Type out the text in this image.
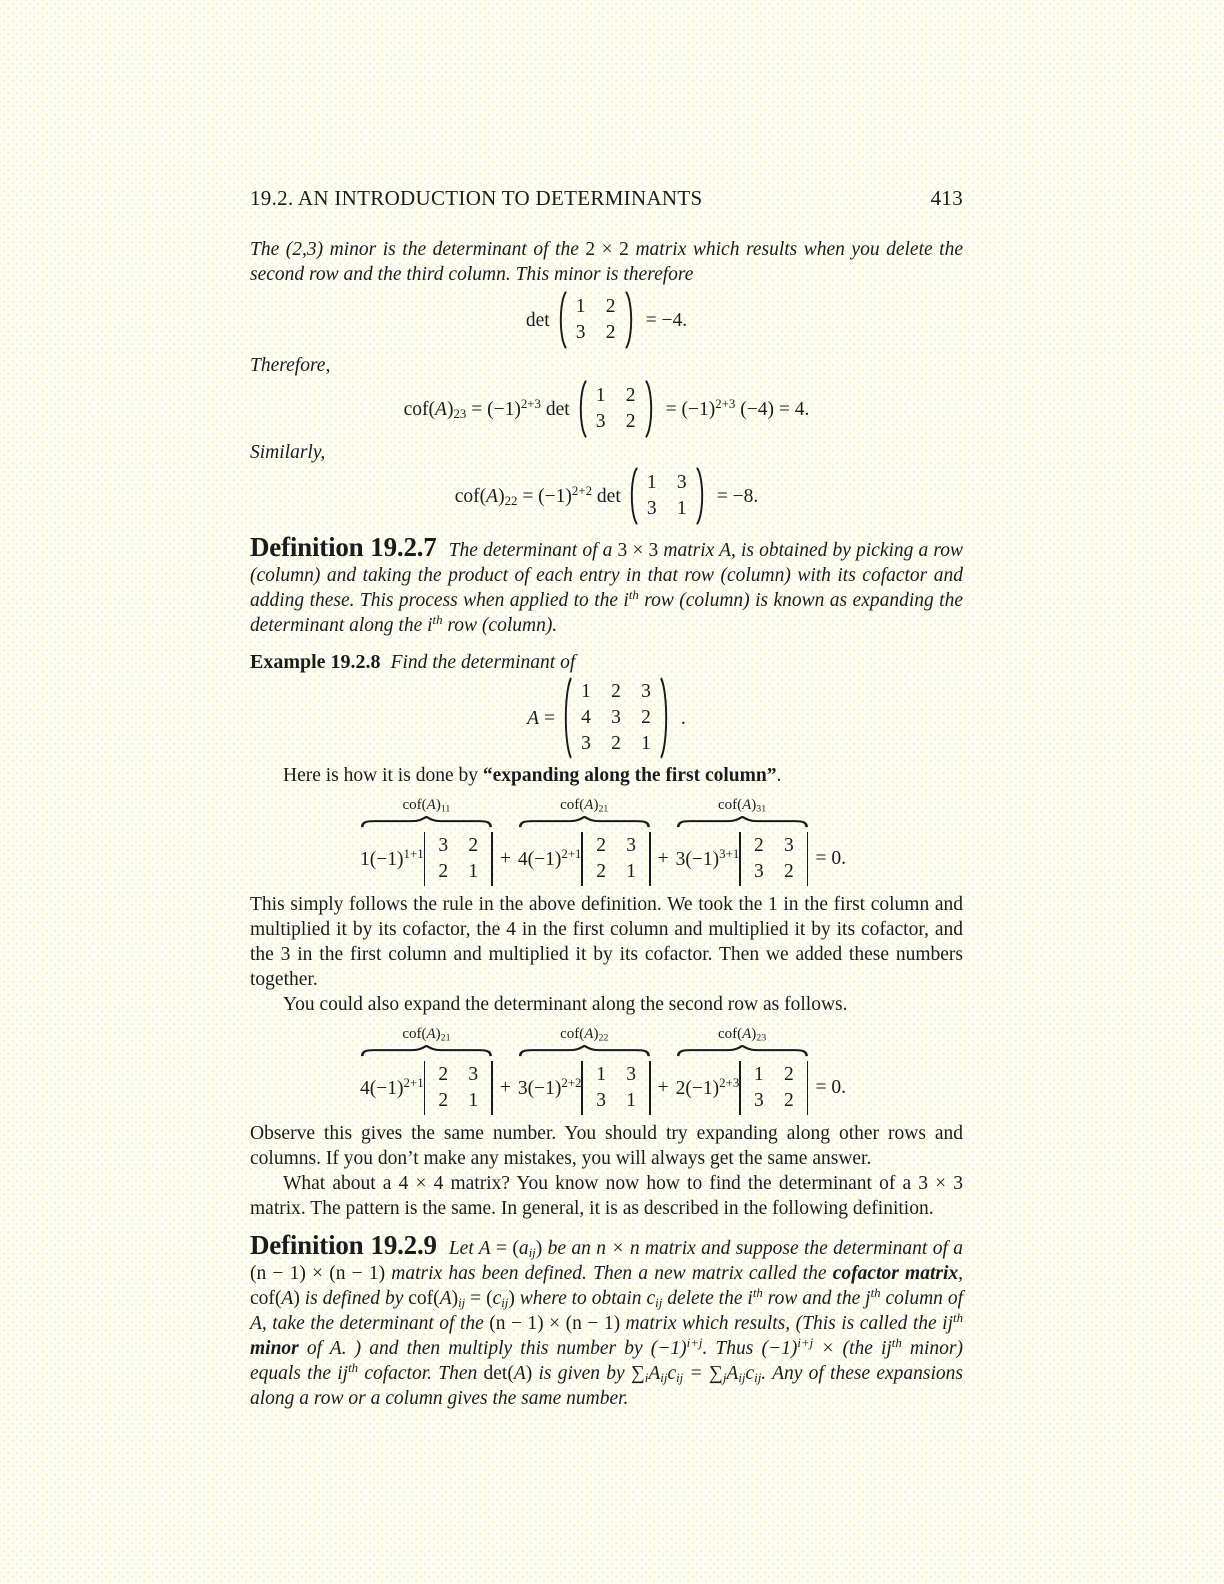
19.2. AN INTRODUCTION TO DETERMINANTS	413

The (2,3) minor is the determinant of the 2 × 2 matrix which results when you delete the second row and the third column. This minor is therefore

det
1 2
3 2
= −4.

Therefore,

$cof(A)23 = (-1)^{2+3}$ det
1 2
3 2
= $(-1)^{2+3}$ (−4) = 4.

Similarly,

$cof(A)22 = (-1)^{2+2}$ det
1 3
3 1
= −8.

Definition 19.2.7 The determinant of a 3 × 3 matrix A, is obtained by picking a row (column) and taking the product of each entry in that row (column) with its cofactor and adding these. This process when applied to the $i^{th}$ row (column) is known as expanding the determinant along the $i^{th}$ row (column).

Example 19.2.8 Find the determinant of

A =
1 2 3
4 3 2
3 2 1
.

Here is how it is done by “expanding along the first column”.

cof(A)11
$1(-1)^{1+1}$ 3 2
2 1
+
cof(A)21
$4(-1)^{2+1}$ 2 3
2 1
+
cof(A)31
$3(-1)^{3+1}$ 2 3
3 2
= 0.

This simply follows the rule in the above definition. We took the 1 in the first column and multiplied it by its cofactor, the 4 in the first column and multiplied it by its cofactor, and the 3 in the first column and multiplied it by its cofactor. Then we added these numbers together.

You could also expand the determinant along the second row as follows.

cof(A)21
$4(-1)^{2+1}$ 2 3
2 1
+
cof(A)22
$3(-1)^{2+2}$ 1 3
3 1
+
cof(A)23
$2(-1)^{2+3}$ 1 2
3 2
= 0.

Observe this gives the same number. You should try expanding along other rows and columns. If you don’t make any mistakes, you will always get the same answer.

What about a 4 × 4 matrix? You know now how to find the determinant of a 3 × 3 matrix. The pattern is the same. In general, it is as described in the following definition.

Definition 19.2.9 Let A = (aij) be an n × n matrix and suppose the determinant of a (n − 1) × (n − 1) matrix has been defined. Then a new matrix called the cofactor matrix, cof(A) is defined by cof(A)ij = (cij) where to obtain cij delete the $i^{th}$ row and the $j^{th}$ column of A, take the determinant of the (n − 1) × (n − 1) matrix which results, (This is called the $ij^{th}$ minor of A. ) and then multiply this number by $(-1)^{i+j}$. Thus $(-1)^{i+j} \times (the$ $ij^{th}$ minor) equals the $ij^{th}$ cofactor. Then det(A) is given by ∑iAijcij = ∑jAijcij. Any of these expansions along a row or a column gives the same number.
